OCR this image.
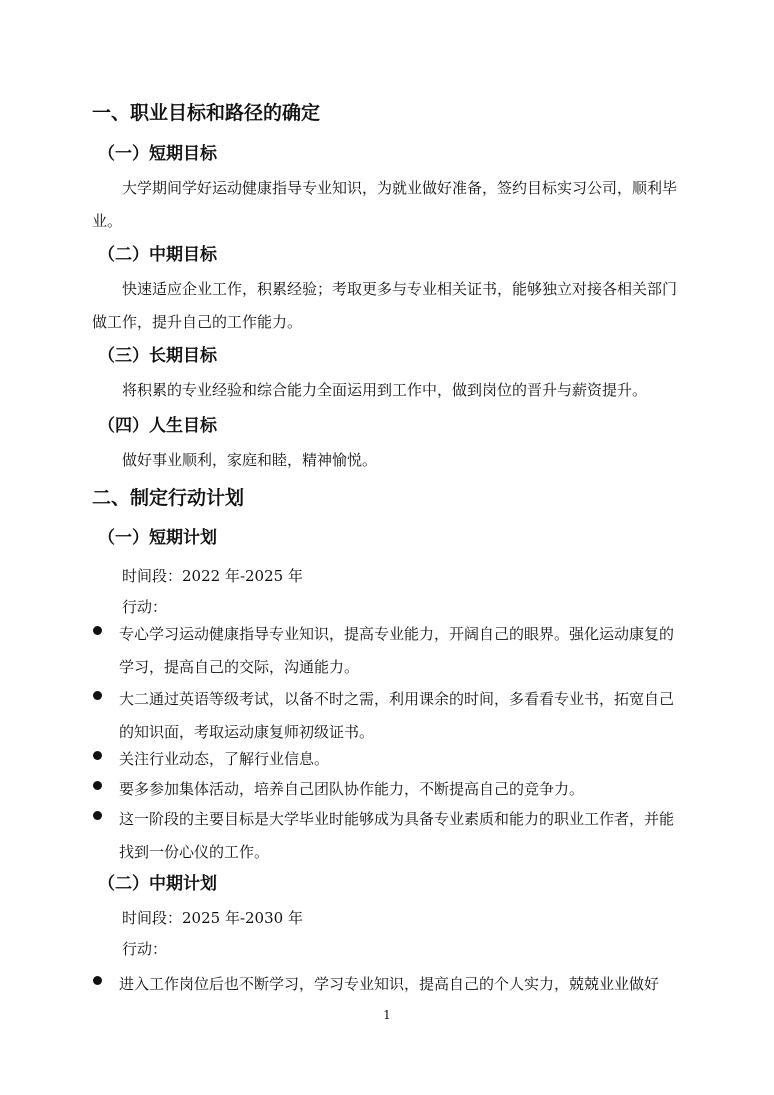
一、职业目标和路径的确定
（一）短期目标
大学期间学好运动健康指导专业知识，为就业做好准备，签约目标实习公司，顺利毕业。
（二）中期目标
快速适应企业工作，积累经验；考取更多与专业相关证书，能够独立对接各相关部门做工作，提升自己的工作能力。
（三）长期目标
将积累的专业经验和综合能力全面运用到工作中，做到岗位的晋升与薪资提升。
（四）人生目标
做好事业顺利，家庭和睦，精神愉悦。
二、制定行动计划
（一）短期计划
时间段：2022 年-2025 年
行动：
专心学习运动健康指导专业知识，提高专业能力，开阔自己的眼界。强化运动康复的学习，提高自己的交际，沟通能力。
大二通过英语等级考试，以备不时之需，利用课余的时间，多看看专业书，拓宽自己的知识面，考取运动康复师初级证书。
关注行业动态，了解行业信息。
要多参加集体活动，培养自己团队协作能力，不断提高自己的竞争力。
这一阶段的主要目标是大学毕业时能够成为具备专业素质和能力的职业工作者，并能找到一份心仪的工作。
（二）中期计划
时间段：2025 年-2030 年
行动：
进入工作岗位后也不断学习，学习专业知识，提高自己的个人实力，兢兢业业做好
1
